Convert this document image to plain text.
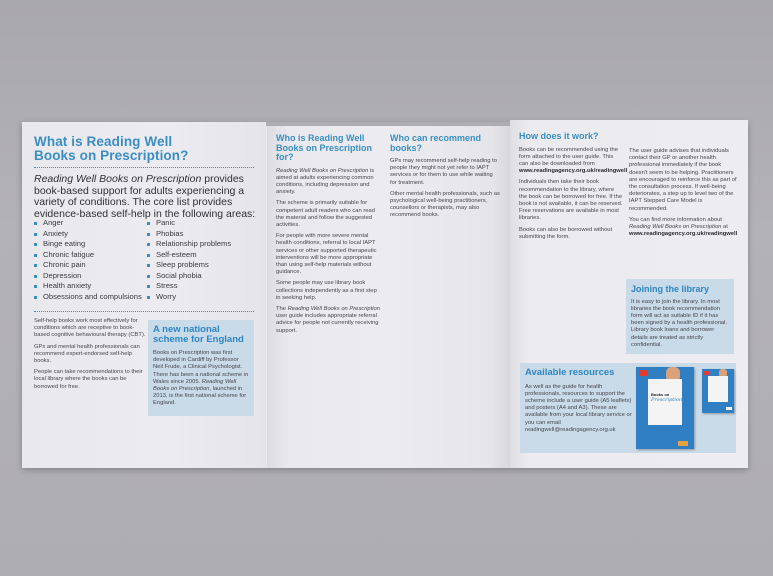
What is Reading Well
Books on Prescription?
Reading Well Books on Prescription provides book-based support for adults experiencing a variety of conditions. The core list provides evidence-based self-help in the following areas:
Anger
Anxiety
Binge eating
Chronic fatigue
Chronic pain
Depression
Health anxiety
Obsessions and compulsions
Panic
Phobias
Relationship problems
Self-esteem
Sleep problems
Social phobia
Stress
Worry

Self-help books work most effectively for conditions which are receptive to book-based cognitive behavioural therapy (CBT).

GPs and mental health professionals can recommend expert-endorsed self-help books.

People can take recommendations to their local library where the books can be borrowed for free.

A new national
scheme for England
Books on Prescription was first developed in Cardiff by Professor Neil Frude, a Clinical Psychologist. There has been a national scheme in Wales since 2005. Reading Well Books on Prescription, launched in 2013, is the first national scheme for England.
Who is Reading Well Books on Prescription for?

Reading Well Books on Prescription is aimed at adults experiencing common conditions, including depression and anxiety.

The scheme is primarily suitable for competent adult readers who can read the material and follow the suggested activities.

For people with more severe mental health conditions, referral to local IAPT services or other supported therapeutic interventions will be more appropriate than using self-help materials without guidance.

Some people may use library book collections independently as a first step in seeking help.

The Reading Well Books on Prescription user guide includes appropriate referral advice for people not currently receiving support.

Who can recommend books?

GPs may recommend self-help reading to people they might not yet refer to IAPT services or for them to use while waiting for treatment.

Other mental health professionals, such as psychological well-being practitioners, counsellors or therapists, may also recommend books.

How does it work?

Books can be recommended using the form attached to the user guide. This can also be downloaded from www.readingagency.org.uk/readingwell

Individuals then take their book recommendation to the library, where the book can be borrowed for free. If the book is not available, it can be reserved. Free reservations are available in most libraries.

Books can also be borrowed without submitting the form.

The user guide advises that individuals contact their GP or another health professional immediately if the book doesn't seem to be helping. Practitioners are encouraged to reinforce this as part of the consultation process. If well-being deteriorates, a step up to level two of the IAPT Stepped Care Model is recommended.

You can find more information about Reading Well Books on Prescription at www.readingagency.org.uk/readingwell

Joining the library
It is easy to join the library. In most libraries the book recommendation form will act as suitable ID if it has been signed by a health professional. Library book loans and borrower details are treated as strictly confidential.
Available resources
As well as the guide for health professionals, resources to support the scheme include a user guide (A5 leaflets) and posters (A4 and A3). These are available from your local library service or you can email readingwell@readingagency.org.uk
Books on
Prescription
